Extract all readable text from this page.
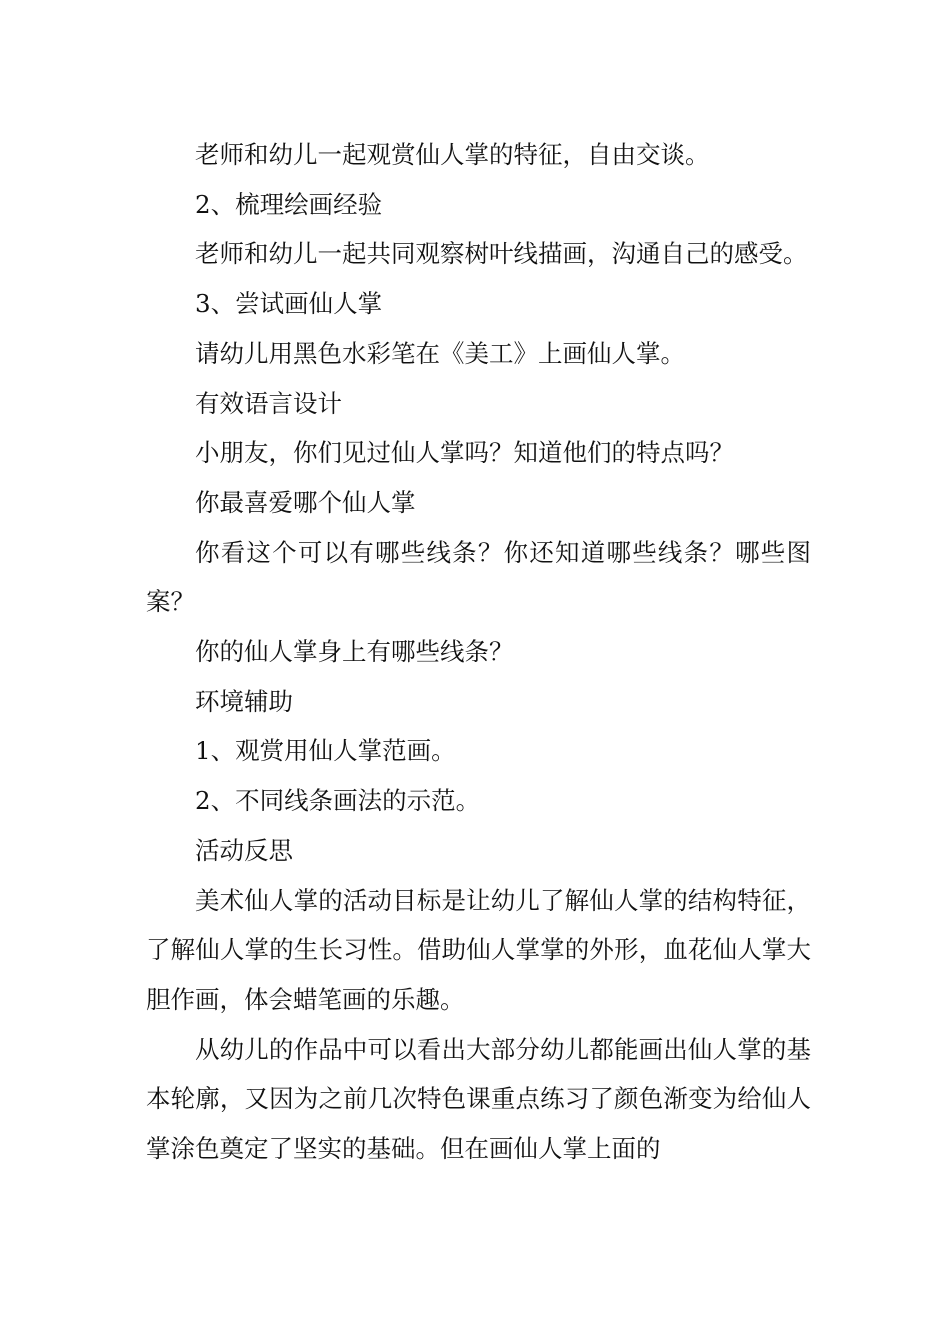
老师和幼儿一起观赏仙人掌的特征，自由交谈。

2、梳理绘画经验

老师和幼儿一起共同观察树叶线描画，沟通自己的感受。

3、尝试画仙人掌

请幼儿用黑色水彩笔在《美工》上画仙人掌。

有效语言设计

小朋友，你们见过仙人掌吗？知道他们的特点吗？

你最喜爱哪个仙人掌

你看这个可以有哪些线条？你还知道哪些线条？哪些图案？

你的仙人掌身上有哪些线条？

环境辅助

1、观赏用仙人掌范画。

2、不同线条画法的示范。

活动反思

美术仙人掌的活动目标是让幼儿了解仙人掌的结构特征，了解仙人掌的生长习性。借助仙人掌掌的外形，血花仙人掌大胆作画，体会蜡笔画的乐趣。

从幼儿的作品中可以看出大部分幼儿都能画出仙人掌的基本轮廓，又因为之前几次特色课重点练习了颜色渐变为给仙人掌涂色奠定了坚实的基础。但在画仙人掌上面的
